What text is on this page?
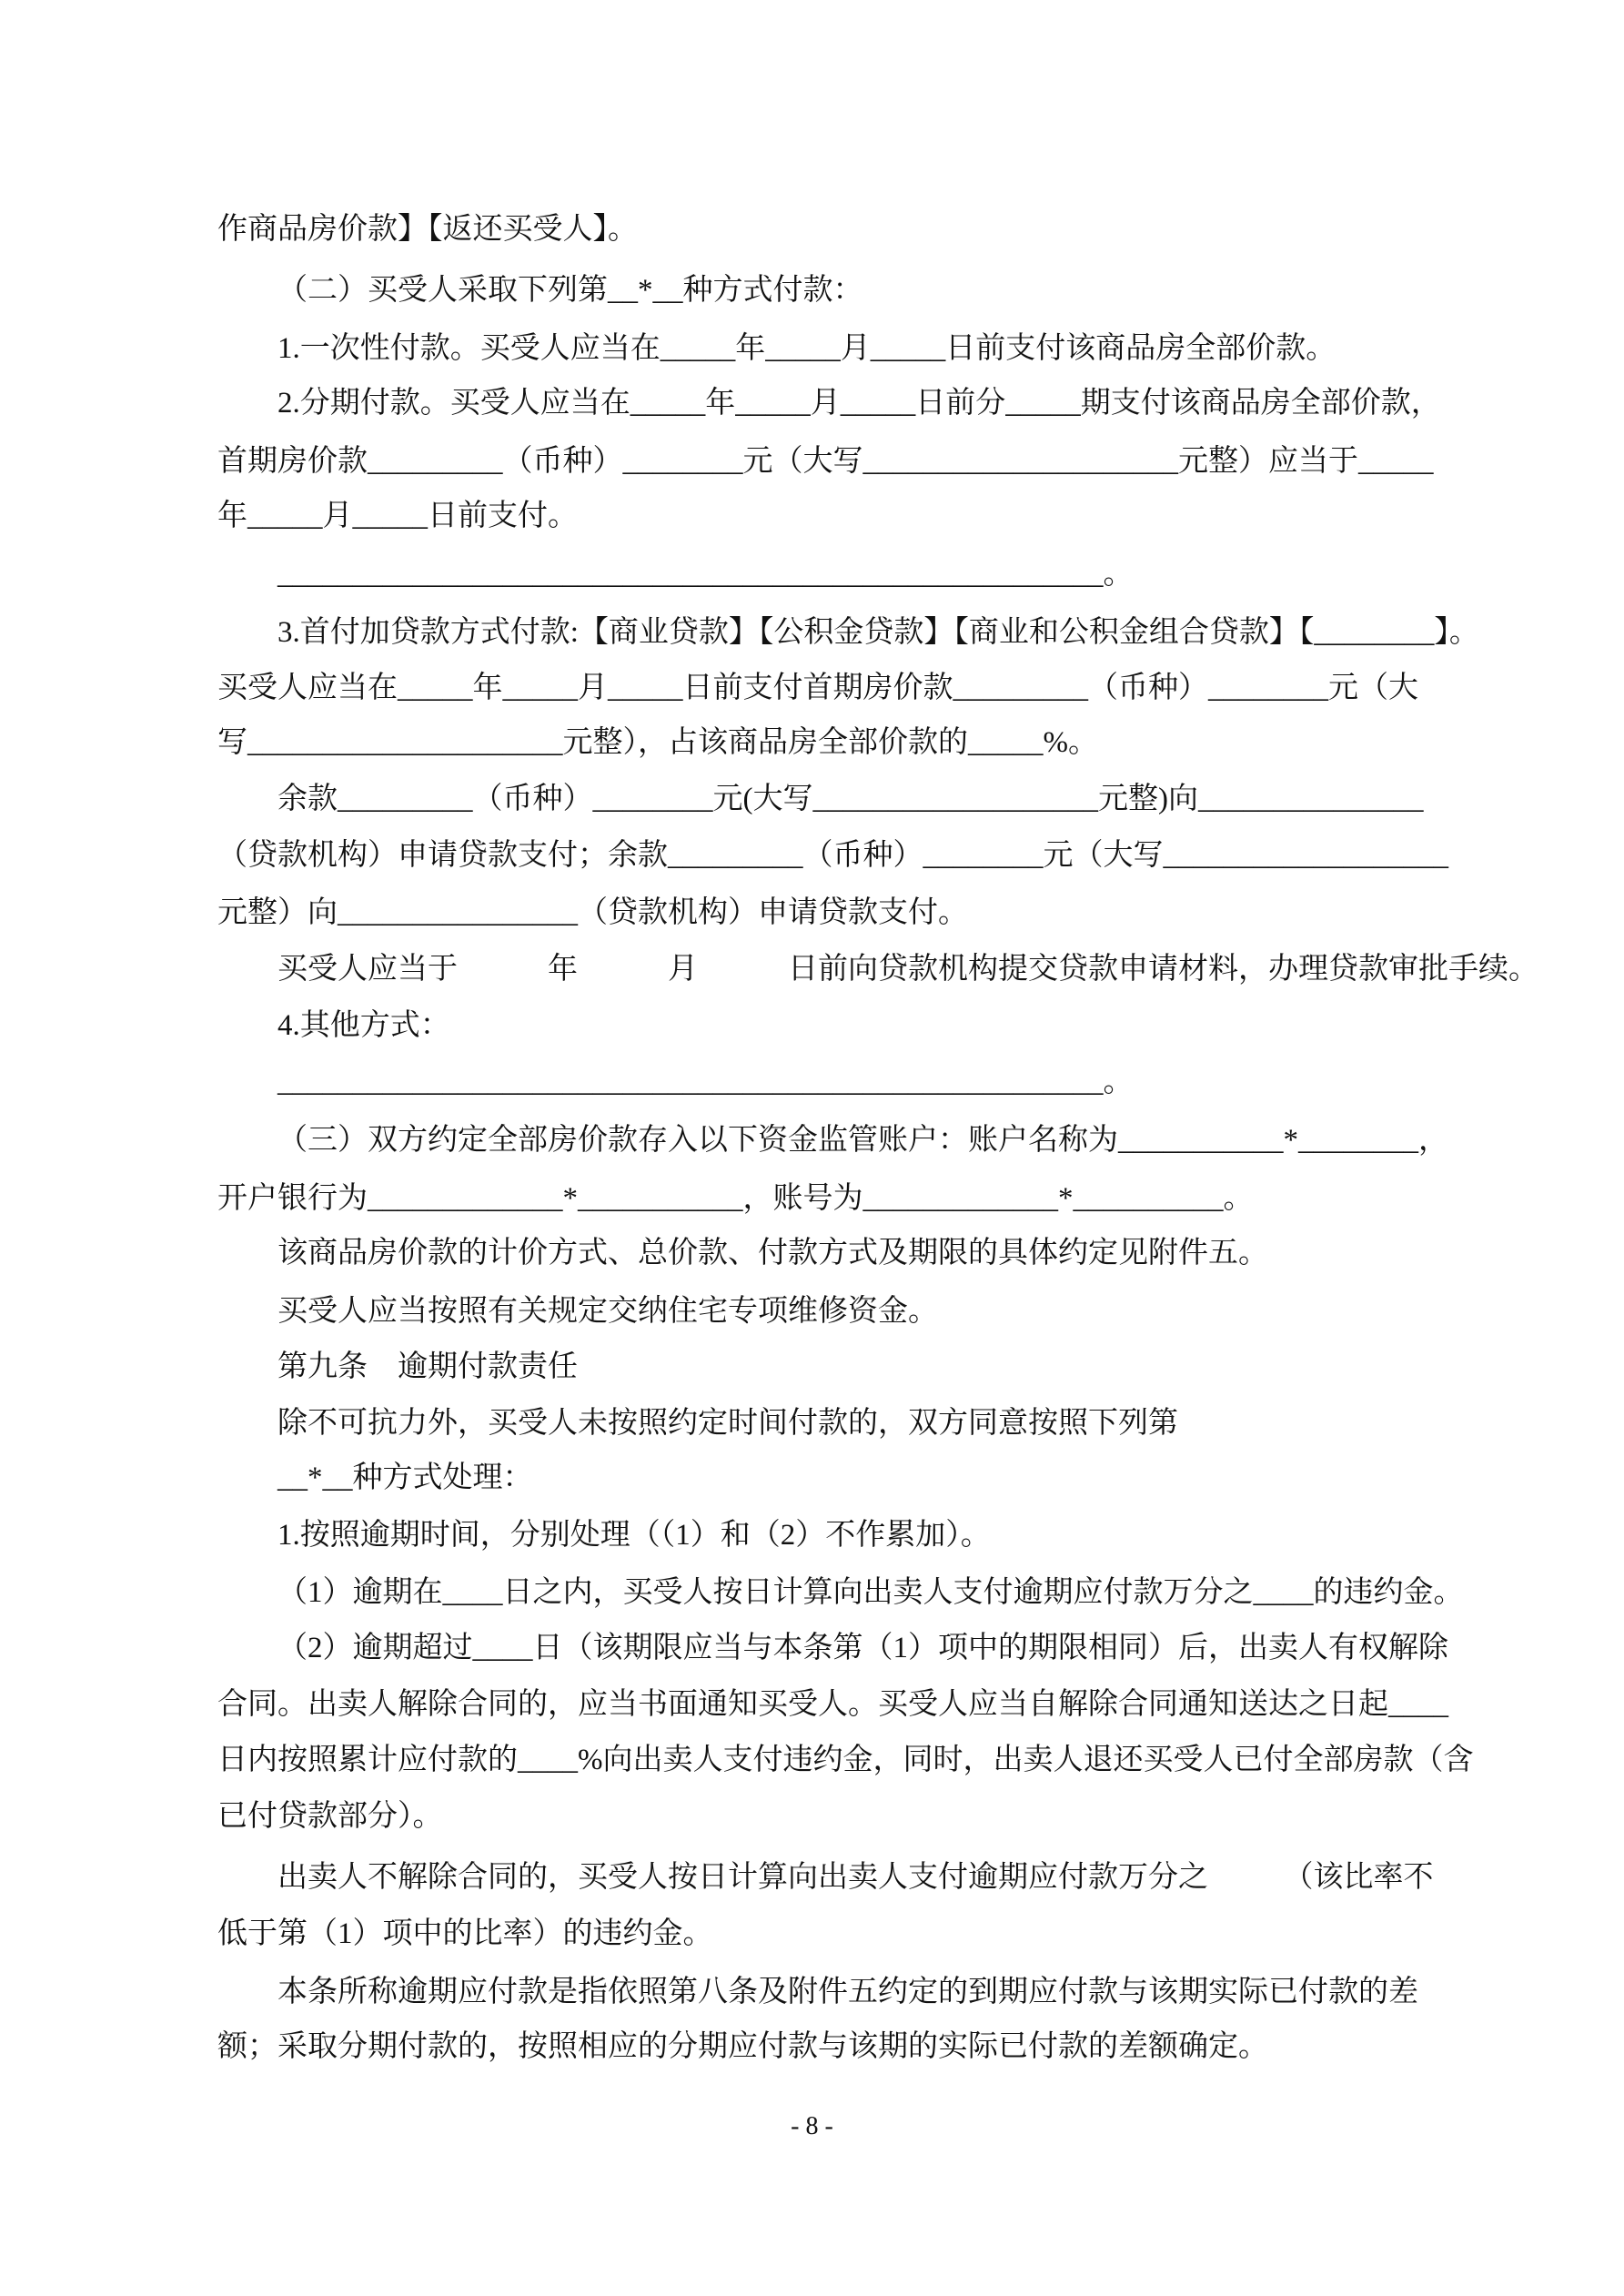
作商品房价款】【返还买受人】。
（二）买受人采取下列第__*__种方式付款：
1.一次性付款。买受人应当在_____年_____月_____日前支付该商品房全部价款。
2.分期付款。买受人应当在_____年_____月_____日前分_____期支付该商品房全部价款，
首期房价款_________（币种）________元（大写_____________________元整）应当于_____
年_____月_____日前支付。
_______________________________________________________。
3.首付加贷款方式付款:【商业贷款】【公积金贷款】【商业和公积金组合贷款】【________】。
买受人应当在_____年_____月_____日前支付首期房价款_________（币种）________元（大
写_____________________元整），占该商品房全部价款的_____%。
余款_________（币种）________元(大写___________________元整)向_______________
（贷款机构）申请贷款支付；余款_________（币种）________元（大写___________________
元整）向________________（贷款机构）申请贷款支付。
买受人应当于　　　年　　　月　　　日前向贷款机构提交贷款申请材料，办理贷款审批手续。
4.其他方式：
_______________________________________________________。
（三）双方约定全部房价款存入以下资金监管账户：账户名称为___________*________，
开户银行为_____________*___________，账号为_____________*__________。
该商品房价款的计价方式、总价款、付款方式及期限的具体约定见附件五。
买受人应当按照有关规定交纳住宅专项维修资金。
第九条　逾期付款责任
除不可抗力外，买受人未按照约定时间付款的，双方同意按照下列第
__*__种方式处理：
1.按照逾期时间，分别处理（（1）和（2）不作累加）。
（1）逾期在____日之内，买受人按日计算向出卖人支付逾期应付款万分之____的违约金。
（2）逾期超过____日（该期限应当与本条第（1）项中的期限相同）后，出卖人有权解除
合同。出卖人解除合同的，应当书面通知买受人。买受人应当自解除合同通知送达之日起____
日内按照累计应付款的____%向出卖人支付违约金，同时，出卖人退还买受人已付全部房款（含
已付贷款部分）。
出卖人不解除合同的，买受人按日计算向出卖人支付逾期应付款万分之　　　（该比率不
低于第（1）项中的比率）的违约金。
本条所称逾期应付款是指依照第八条及附件五约定的到期应付款与该期实际已付款的差
额；采取分期付款的，按照相应的分期应付款与该期的实际已付款的差额确定。
- 8 -
